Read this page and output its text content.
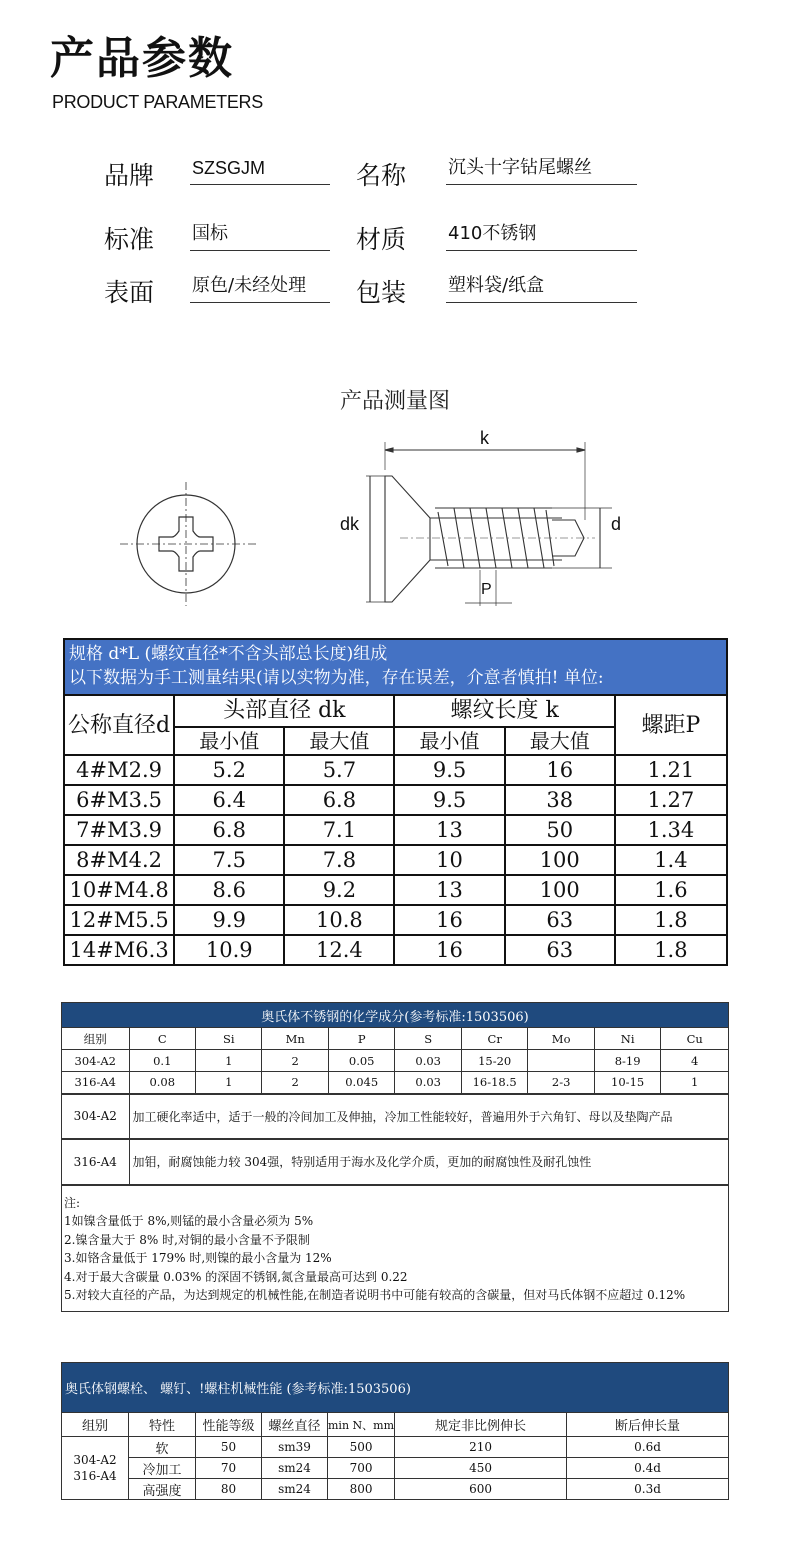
产品参数
PRODUCT PARAMETERS
品牌 SZSGJM	名称 沉头十字钻尾螺丝
标准 国标	材质 410不锈钢
表面 原色/未经处理	包装 塑料袋/纸盒
产品测量图
k
dk	d
P
规格 d*L (螺纹直径*不含头部总长度)组成
以下数据为手工测量结果(请以实物为准，存在误差，介意者慎拍! 单位:					

公称直径d	头部直径 dk		螺纹长度 k		螺距P
	最小值	最大值	最小值	最大值	
4#M2.9	5.2	5.7	9.5	16	1.21
6#M3.5	6.4	6.8	9.5	38	1.27
7#M3.9	6.8	7.1	13	50	1.34
8#M4.2	7.5	7.8	10	100	1.4
10#M4.8	8.6	9.2	13	100	1.6
12#M5.5	9.9	10.8	16	63	1.8
14#M6.3	10.9	12.4	16	63	1.8
奥氏体不锈钢的化学成分(参考标准:1503506)									
组别	C	Si	Mn	P	S	Cr	Mo	Ni	Cu
304-A2	0.1	1	2	0.05	0.03	15-20		8-19	4
316-A4	0.08	1	2	0.045	0.03	16-18.5	2-3	10-15	1
304-A2	加工硬化率适中，适于一般的冷间加工及伸抽，冷加工性能较好，普遍用外于六角钉、母以及垫陶产品								
316-A4	加钼，耐腐蚀能力较 304强，特别适用于海水及化学介质，更加的耐腐蚀性及耐孔蚀性								

注:
1如镍含量低于 8%,则锰的最小含量必须为 5%
2.镍含量大于 8% 时,对铜的最小含量不予限制
3.如铬含量低于 179% 时,则镍的最小含量为 12%
4.对于最大含碳量 0.03% 的深固不锈钢,氮含量最高可达到 0.22
5.对较大直径的产品，为达到规定的机械性能,在制造者说明书中可能有较高的含碳量，但对马氏体钢不应超过 0.12%
奥氏体钢螺栓、 螺钉、!螺柱机械性能 (参考标准:1503506)						
组别	特性	性能等级	螺丝直径	min N、mm	规定非比例伸长	断后伸长量

304-A2
316-A4	软	50	sm39	500	210	0.6d
	冷加工	70	sm24	700	450	0.4d
	高强度	80	sm24	800	600	0.3d
